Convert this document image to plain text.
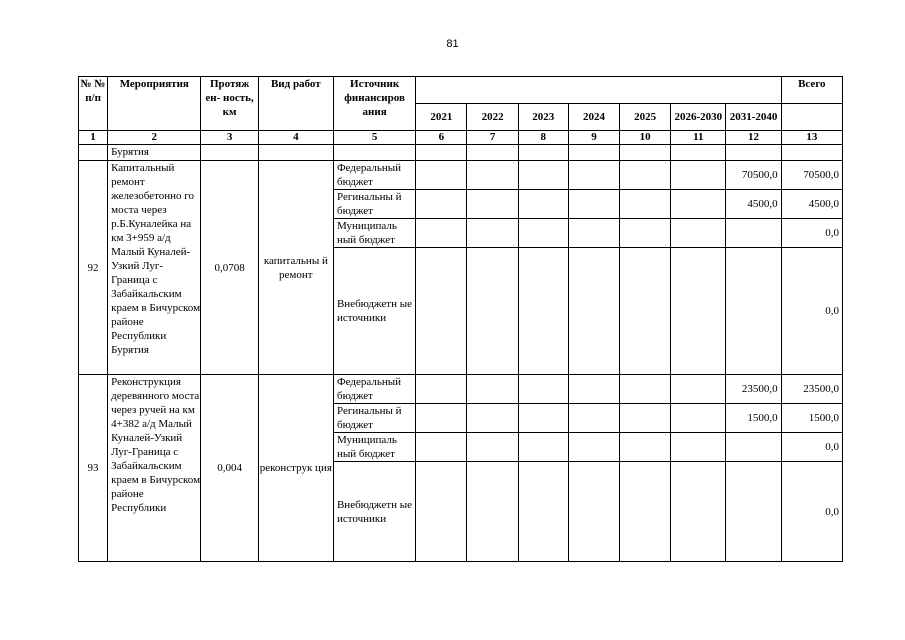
81
№ № п/п	Мероприятия	Протяж ен- ность, км	Вид работ	Источник финансиров ания								Всего
					2021	2022	2023	2024	2025	2026-2030	2031-2040	
1	2	3	4	5	6	7	8	9	10	11	12	13
	Бурятия											
92	Капитальный ремонт железобетонно го моста через р.Б.Куналейка на км 3+959 а/д Малый Куналей-Узкий Луг-Граница с Забайкальским краем в Бичурском районе Республики Бурятия	0,0708	капитальны й ремонт	Федеральный бюджет							70500,0	70500,0
				Регинальны й бюджет							4500,0	4500,0
				Муниципаль ный бюджет								0,0
				Внебюджетн ые источники								0,0
93	Реконструкция деревянного моста через ручей на км 4+382 а/д Малый Куналей-Узкий Луг-Граница с Забайкальским краем в Бичурском районе Республики	0,004	реконструк ция	Федеральный бюджет							23500,0	23500,0
				Регинальны й бюджет							1500,0	1500,0
				Муниципаль ный бюджет								0,0
				Внебюджетн ые источники								0,0
